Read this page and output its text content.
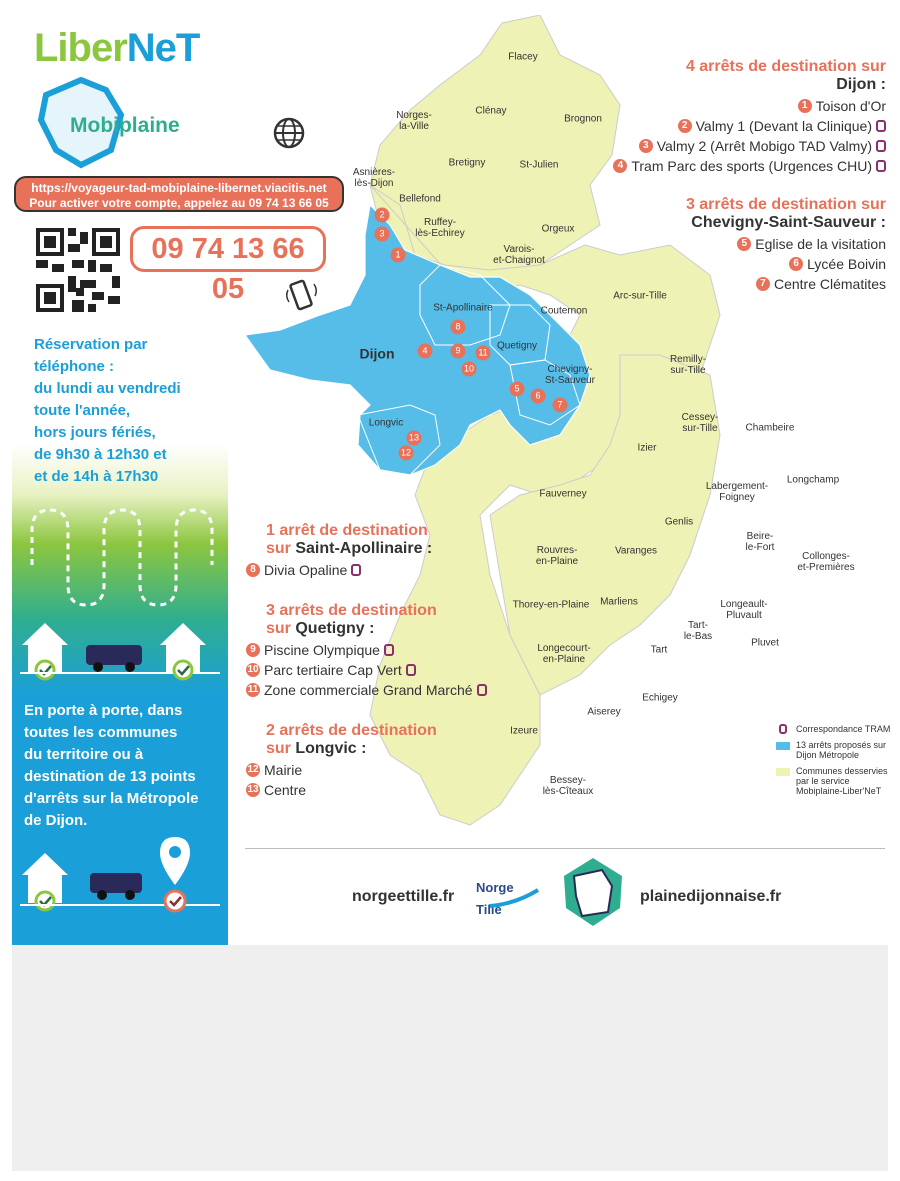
LiberNeT
Mobiplaine
https://voyageur-tad-mobiplaine-libernet.viacitis.net
Pour activer votre compte, appelez au 09 74 13 66 05
09 74 13 66 05
Réservation par
téléphone :
du lundi au vendredi
toute l'année,
hors jours fériés,
de 9h30 à 12h30 et
et de 14h à 17h30
En porte à porte, dans
toutes les communes
du territoire ou à
destination de 13 points
d'arrêts sur la Métropole
de Dijon.
Flacey
Norges-
la-Ville
Clénay
Brognon
Asnières-
lès-Dijon
Bretigny	St-Julien
Bellefond
Ruffey-
lès-Echirey	Orgeux
Varois-
et-Chaignot
St-Apollinaire	Couternon
Arc-sur-Tille
Dijon	Quetigny
Chevigny-
St-Sauveur
Remilly-
sur-Tille
Cessey-
sur-Tille	Chambeire
Longvic
Izier
Labergement-
Foigney
Longchamp
Fauverney
Genlis
Beire-
le-Fort
Rouvres-
en-Plaine
Varanges	Collonges-
et-Premières
Thorey-en-Plaine Marliens	Longeault-
Pluvault
Tart-
le-Bas
Pluvet
Longecourt-
en-Plaine
Tart
Echigey
Aiserey
Izeure
Bessey-
lès-Cîteaux
1
2
3
4
5
6
7
8
9
10
11
12
13
4 arrêts de destination sur
Dijon :
1 Toison d'Or
2 Valmy 1 (Devant la Clinique)
3 Valmy 2 (Arrêt Mobigo TAD Valmy)
4 Tram Parc des sports (Urgences CHU)
3 arrêts de destination sur
Chevigny-Saint-Sauveur :
5 Eglise de la visitation
6 Lycée Boivin
7 Centre Clématites
1 arrêt de destination
sur Saint-Apollinaire :
8 Divia Opaline
3 arrêts de destination
sur Quetigny :
9 Piscine Olympique
10 Parc tertiaire Cap Vert
11 Zone commerciale Grand Marché
2 arrêts de destination
sur Longvic :
12 Mairie
13 Centre
Correspondance TRAM
13 arrêts proposés sur Dijon Métropole
Communes desservies par le service Mobiplaine-Liber'NeT
norgeettille.fr
Norge
Tille
plainedijonnaise.fr
